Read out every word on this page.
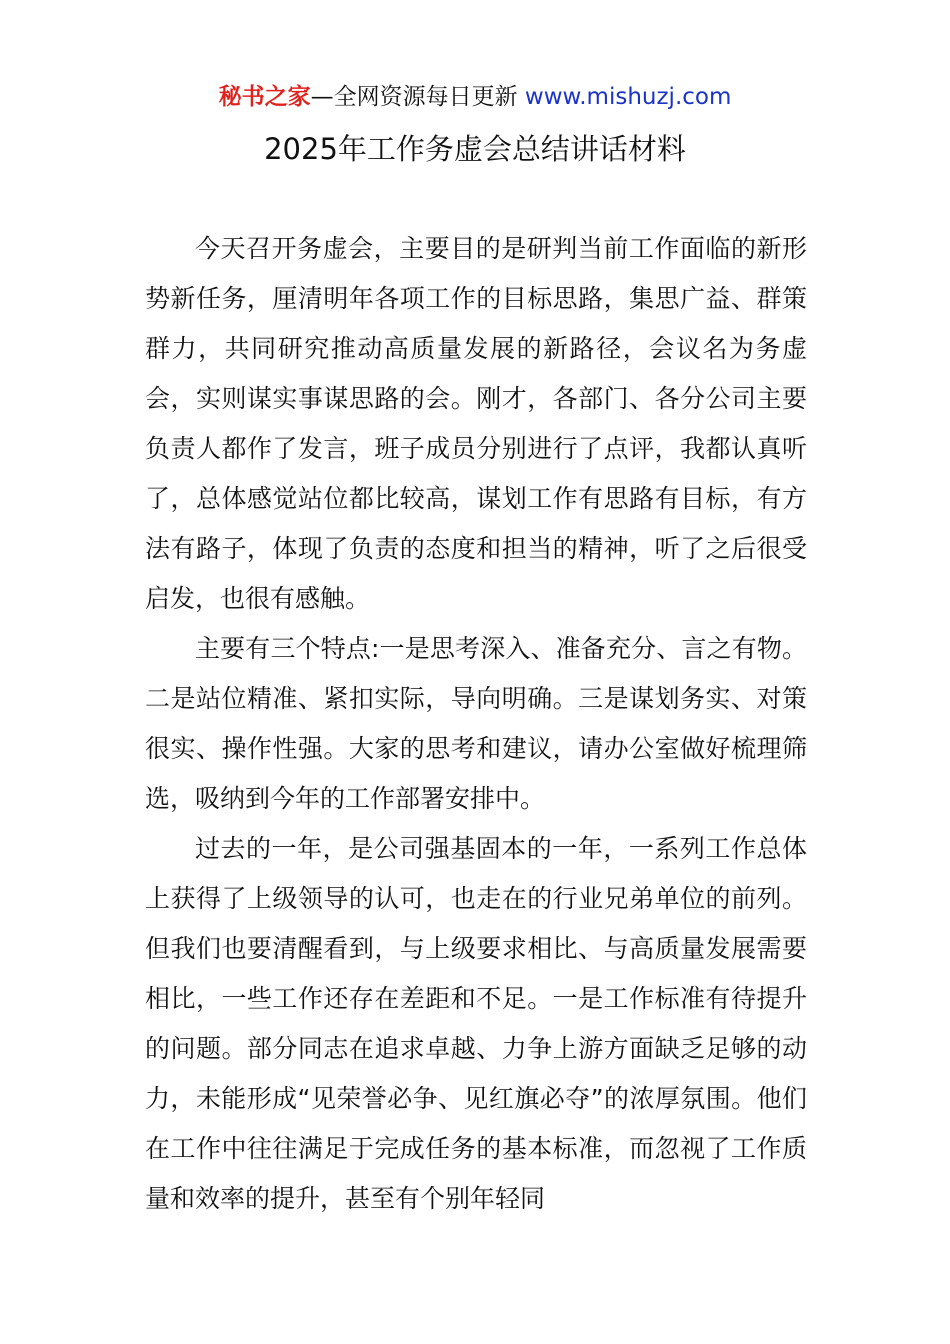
秘书之家—全网资源每日更新 www.mishuzj.com
2025年工作务虚会总结讲话材料

今天召开务虚会，主要目的是研判当前工作面临的新形势新任务，厘清明年各项工作的目标思路，集思广益、群策群力，共同研究推动高质量发展的新路径，会议名为务虚会，实则谋实事谋思路的会。刚才，各部门、各分公司主要负责人都作了发言，班子成员分别进行了点评，我都认真听了，总体感觉站位都比较高，谋划工作有思路有目标，有方法有路子，体现了负责的态度和担当的精神，听了之后很受启发，也很有感触。

主要有三个特点:一是思考深入、准备充分、言之有物。二是站位精准、紧扣实际，导向明确。三是谋划务实、对策很实、操作性强。大家的思考和建议，请办公室做好梳理筛选，吸纳到今年的工作部署安排中。

过去的一年，是公司强基固本的一年，一系列工作总体上获得了上级领导的认可，也走在的行业兄弟单位的前列。但我们也要清醒看到，与上级要求相比、与高质量发展需要相比，一些工作还存在差距和不足。一是工作标准有待提升的问题。部分同志在追求卓越、力争上游方面缺乏足够的动力，未能形成“见荣誉必争、见红旗必夺”的浓厚氛围。他们在工作中往往满足于完成任务的基本标准，而忽视了工作质量和效率的提升，甚至有个别年轻同
